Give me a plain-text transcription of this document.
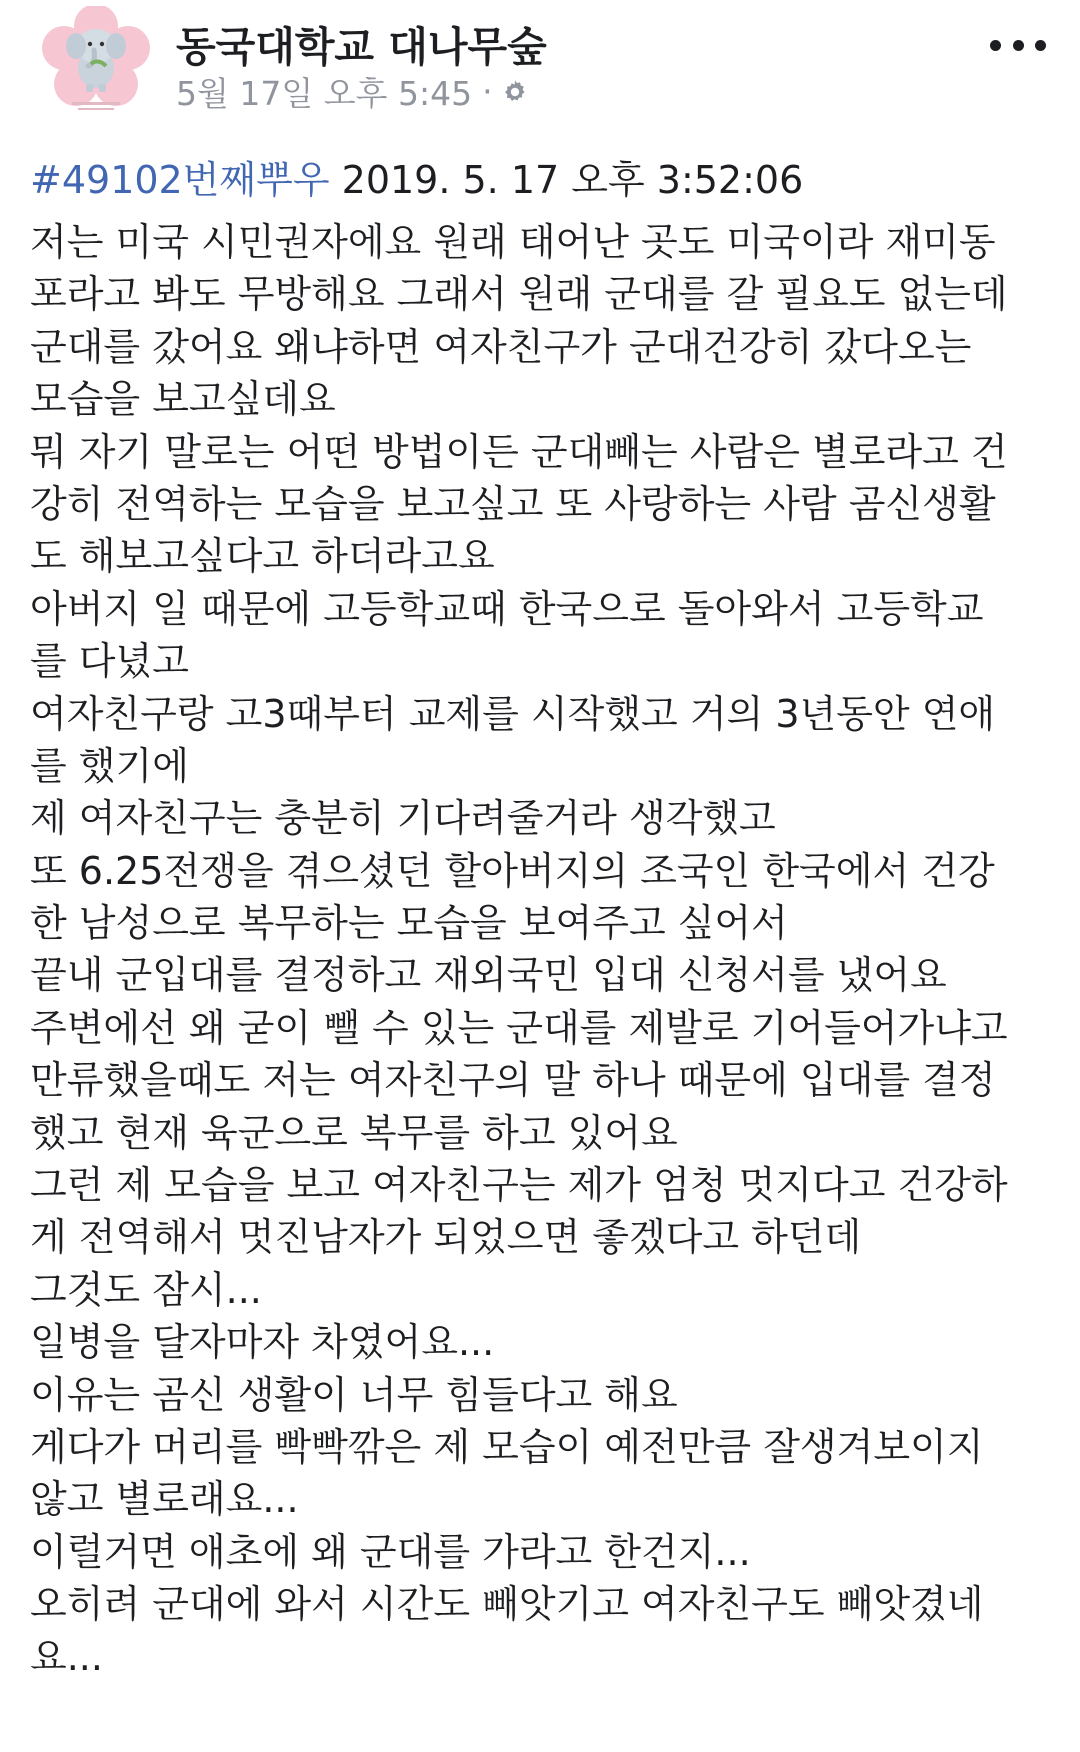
동국대학교 대나무숲
5월 17일 오후 5:45 ·
#49102번째뿌우 2019. 5. 17 오후 3:52:06
저는 미국 시민권자에요 원래 태어난 곳도 미국이라 재미동
포라고 봐도 무방해요 그래서 원래 군대를 갈 필요도 없는데
군대를 갔어요 왜냐하면 여자친구가 군대건강히 갔다오는
모습을 보고싶데요
뭐 자기 말로는 어떤 방법이든 군대빼는 사람은 별로라고 건
강히 전역하는 모습을 보고싶고 또 사랑하는 사람 곰신생활
도 해보고싶다고 하더라고요
아버지 일 때문에 고등학교때 한국으로 돌아와서 고등학교
를 다녔고
여자친구랑 고3때부터 교제를 시작했고 거의 3년동안 연애
를 했기에
제 여자친구는 충분히 기다려줄거라 생각했고
또 6.25전쟁을 겪으셨던 할아버지의 조국인 한국에서 건강
한 남성으로 복무하는 모습을 보여주고 싶어서
끝내 군입대를 결정하고 재외국민 입대 신청서를 냈어요
주변에선 왜 굳이 뺄 수 있는 군대를 제발로 기어들어가냐고
만류했을때도 저는 여자친구의 말 하나 때문에 입대를 결정
했고 현재 육군으로 복무를 하고 있어요
그런 제 모습을 보고 여자친구는 제가 엄청 멋지다고 건강하
게 전역해서 멋진남자가 되었으면 좋겠다고 하던데
그것도 잠시...
일병을 달자마자 차였어요...
이유는 곰신 생활이 너무 힘들다고 해요
게다가 머리를 빡빡깎은 제 모습이 예전만큼 잘생겨보이지
않고 별로래요...
이럴거면 애초에 왜 군대를 가라고 한건지...
오히려 군대에 와서 시간도 빼앗기고 여자친구도 빼앗겼네
요...
